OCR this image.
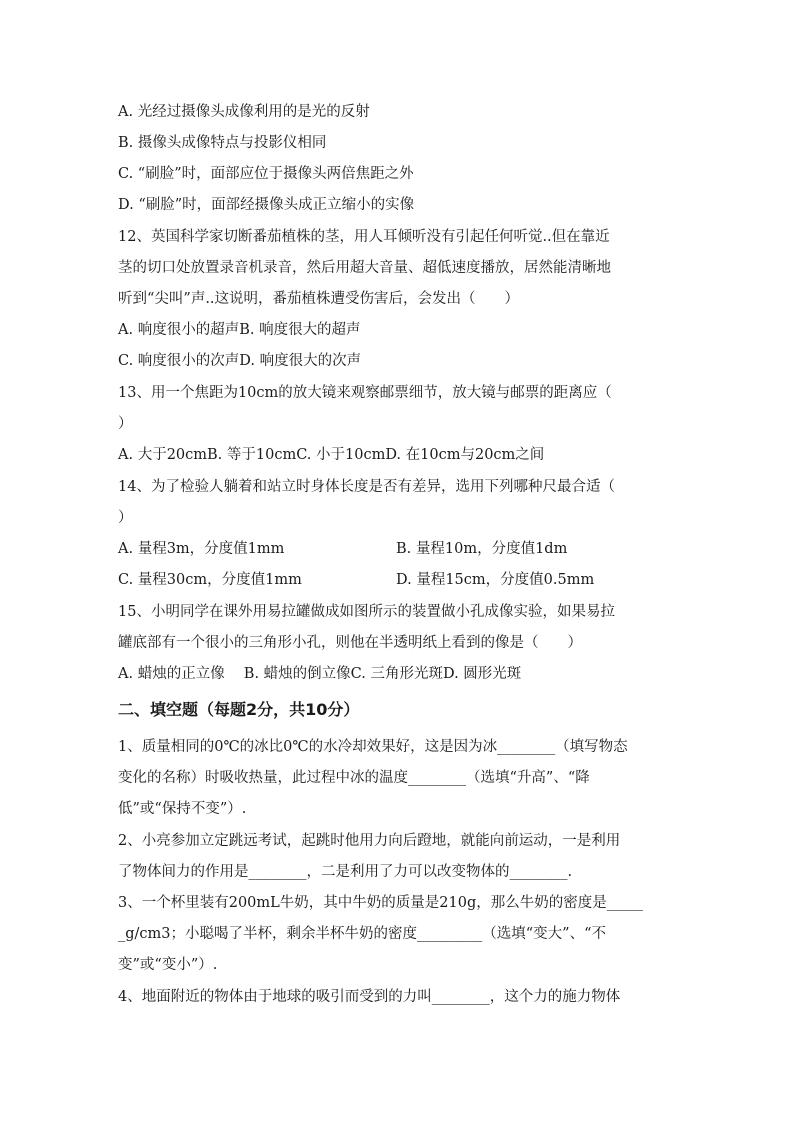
A. 光经过摄像头成像利用的是光的反射
B. 摄像头成像特点与投影仪相同
C. “刷脸”时，面部应位于摄像头两倍焦距之外
D. “刷脸”时，面部经摄像头成正立缩小的实像
12、英国科学家切断番茄植株的茎，用人耳倾听没有引起任何听觉..但在靠近
茎的切口处放置录音机录音，然后用超大音量、超低速度播放，居然能清晰地
听到“尖叫”声..这说明，番茄植株遭受伤害后，会发出（　　）
A. 响度很小的超声B. 响度很大的超声
C. 响度很小的次声D. 响度很大的次声
13、用一个焦距为10cm的放大镜来观察邮票细节，放大镜与邮票的距离应（
）
A. 大于20cmB. 等于10cmC. 小于10cmD. 在10cm与20cm之间
14、为了检验人躺着和站立时身体长度是否有差异，选用下列哪种尺最合适（
）
A. 量程3m，分度值1mm	B. 量程10m，分度值1dm
C. 量程30cm，分度值1mm	D. 量程15cm，分度值0.5mm
15、小明同学在课外用易拉罐做成如图所示的装置做小孔成像实验，如果易拉
罐底部有一个很小的三角形小孔，则他在半透明纸上看到的像是（　　）
A. 蜡烛的正立像　 B. 蜡烛的倒立像C. 三角形光斑D. 圆形光斑
二、填空题（每题2分，共10分）
1、质量相同的0℃的冰比0℃的水冷却效果好，这是因为冰________（填写物态
变化的名称）时吸收热量，此过程中冰的温度________（选填“升高”、“降
低”或“保持不变”）.
2、小亮参加立定跳远考试，起跳时他用力向后蹬地，就能向前运动，一是利用
了物体间力的作用是________，二是利用了力可以改变物体的________.
3、一个杯里装有200mL牛奶，其中牛奶的质量是210g，那么牛奶的密度是_____
_g/cm3；小聪喝了半杯，剩余半杯牛奶的密度_________（选填“变大”、“不
变”或“变小”）.
4、地面附近的物体由于地球的吸引而受到的力叫________，这个力的施力物体
